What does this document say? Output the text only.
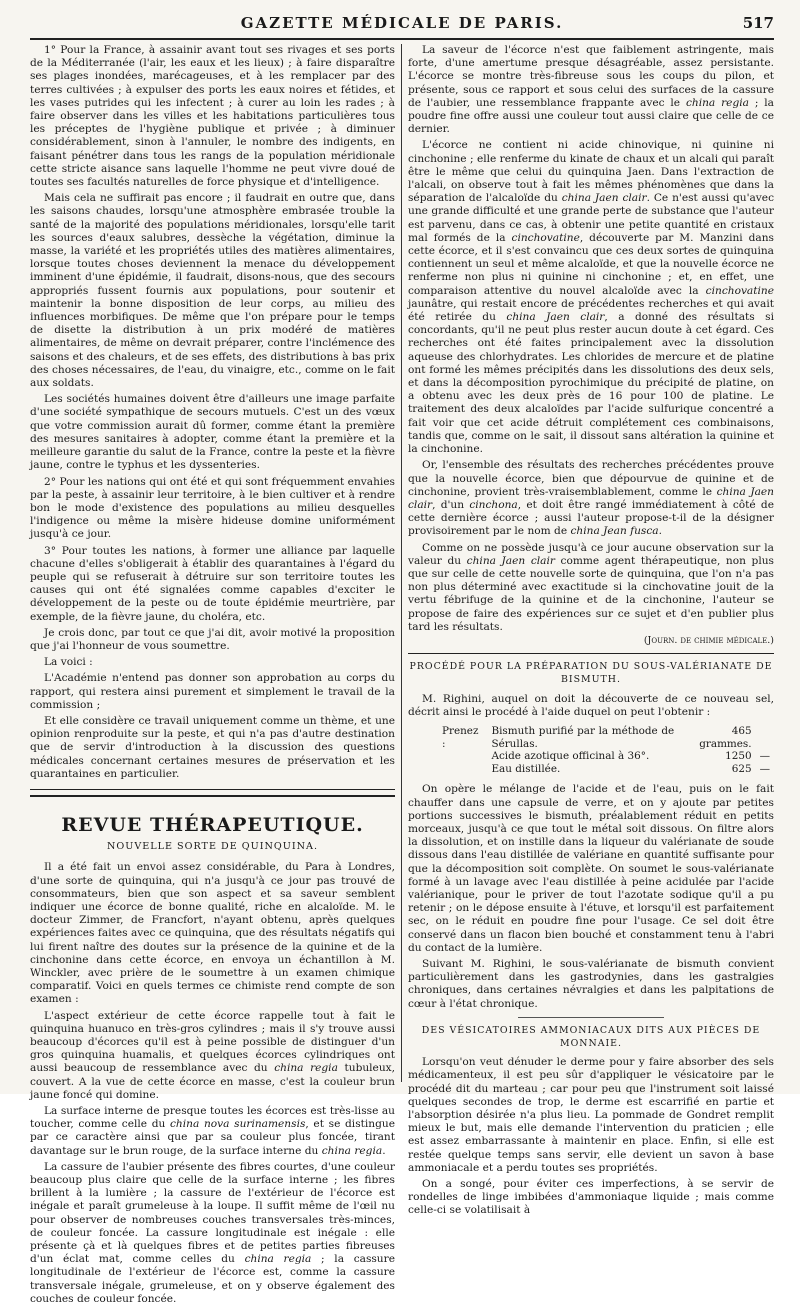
GAZETTE MÉDICALE DE PARIS.	517

1° Pour la France, à assainir avant tout ses rivages et ses ports de la Méditerranée (l'air, les eaux et les lieux) ; à faire disparaître ses plages inondées, marécageuses, et à les remplacer par des terres cultivées ; à expulser des ports les eaux noires et fétides, et les vases putrides qui les infectent ; à curer au loin les rades ; à faire observer dans les villes et les habitations particulières tous les préceptes de l'hygiène publique et privée ; à diminuer considérablement, sinon à l'annuler, le nombre des indigents, en faisant pénétrer dans tous les rangs de la population méridionale cette stricte aisance sans laquelle l'homme ne peut vivre doué de toutes ses facultés naturelles de force physique et d'intelligence.

Mais cela ne suffirait pas encore ; il faudrait en outre que, dans les saisons chaudes, lorsqu'une atmosphère embrasée trouble la santé de la majorité des populations méridionales, lorsqu'elle tarit les sources d'eaux salubres, dessèche la végétation, diminue la masse, la variété et les propriétés utiles des matières alimentaires, lorsque toutes choses deviennent la menace du développement imminent d'une épidémie, il faudrait, disons-nous, que des secours appropriés fussent fournis aux populations, pour soutenir et maintenir la bonne disposition de leur corps, au milieu des influences morbifiques. De même que l'on prépare pour le temps de disette la distribution à un prix modéré de matières alimentaires, de même on devrait préparer, contre l'inclémence des saisons et des chaleurs, et de ses effets, des distributions à bas prix des choses nécessaires, de l'eau, du vinaigre, etc., comme on le fait aux soldats.

Les sociétés humaines doivent être d'ailleurs une image parfaite d'une société sympathique de secours mutuels. C'est un des vœux que votre commission aurait dû former, comme étant la première des mesures sanitaires à adopter, comme étant la première et la meilleure garantie du salut de la France, contre la peste et la fièvre jaune, contre le typhus et les dyssenteries.

2° Pour les nations qui ont été et qui sont fréquemment envahies par la peste, à assainir leur territoire, à le bien cultiver et à rendre bon le mode d'existence des populations au milieu desquelles l'indigence ou même la misère hideuse domine uniformément jusqu'à ce jour.

3° Pour toutes les nations, à former une alliance par laquelle chacune d'elles s'obligerait à établir des quarantaines à l'égard du peuple qui se refuserait à détruire sur son territoire toutes les causes qui ont été signalées comme capables d'exciter le développement de la peste ou de toute épidémie meurtrière, par exemple, de la fièvre jaune, du choléra, etc.

Je crois donc, par tout ce que j'ai dit, avoir motivé la proposition que j'ai l'honneur de vous soumettre.

La voici :

L'Académie n'entend pas donner son approbation au corps du rapport, qui restera ainsi purement et simplement le travail de la commission ;

Et elle considère ce travail uniquement comme un thème, et une opinion renproduite sur la peste, et qui n'a pas d'autre destination que de servir d'introduction à la discussion des questions médicales concernant certaines mesures de préservation et les quarantaines en particulier.

REVUE THÉRAPEUTIQUE.
NOUVELLE SORTE DE QUINQUINA.

Il a été fait un envoi assez considérable, du Para à Londres, d'une sorte de quinquina, qui n'a jusqu'à ce jour pas trouvé de consommateurs, bien que son aspect et sa saveur semblent indiquer une écorce de bonne qualité, riche en alcaloïde. M. le docteur Zimmer, de Francfort, n'ayant obtenu, après quelques expériences faites avec ce quinquina, que des résultats négatifs qui lui firent naître des doutes sur la présence de la quinine et de la cinchonine dans cette écorce, en envoya un échantillon à M. Winckler, avec prière de le soumettre à un examen chimique comparatif. Voici en quels termes ce chimiste rend compte de son examen :

L'aspect extérieur de cette écorce rappelle tout à fait le quinquina huanuco en très-gros cylindres ; mais il s'y trouve aussi beaucoup d'écorces qu'il est à peine possible de distinguer d'un gros quinquina huamalis, et quelques écorces cylindriques ont aussi beaucoup de ressemblance avec du china regia tubuleux, couvert. A la vue de cette écorce en masse, c'est la couleur brun jaune foncé qui domine.

La surface interne de presque toutes les écorces est très-lisse au toucher, comme celle du china nova surinamensis, et se distingue par ce caractère ainsi que par sa couleur plus foncée, tirant davantage sur le brun rouge, de la surface interne du china regia.

La cassure de l'aubier présente des fibres courtes, d'une couleur beaucoup plus claire que celle de la surface interne ; les fibres brillent à la lumière ; la cassure de l'extérieur de l'écorce est inégale et paraît grumeleuse à la loupe. Il suffit même de l'œil nu pour observer de nombreuses couches transversales très-minces, de couleur foncée. La cassure longitudinale est inégale : elle présente çà et là quelques fibres et de petites parties fibreuses d'un éclat mat, comme celles du china regia ; la cassure longitudinale de l'extérieur de l'écorce est, comme la cassure transversale inégale, grumeleuse, et on y observe également des couches de couleur foncée.

La saveur de l'écorce n'est que faiblement astringente, mais forte, d'une amertume presque désagréable, assez persistante. L'écorce se montre très-fibreuse sous les coups du pilon, et présente, sous ce rapport et sous celui des surfaces de la cassure de l'aubier, une ressemblance frappante avec le china regia ; la poudre fine offre aussi une couleur tout aussi claire que celle de ce dernier.

L'écorce ne contient ni acide chinovique, ni quinine ni cinchonine ; elle renferme du kinate de chaux et un alcali qui paraît être le même que celui du quinquina Jaen. Dans l'extraction de l'alcali, on observe tout à fait les mêmes phénomènes que dans la séparation de l'alcaloïde du china Jaen clair. Ce n'est aussi qu'avec une grande difficulté et une grande perte de substance que l'auteur est parvenu, dans ce cas, à obtenir une petite quantité en cristaux mal formés de la cinchovatine, découverte par M. Manzini dans cette écorce, et il s'est convaincu que ces deux sortes de quinquina contiennent un seul et même alcaloïde, et que la nouvelle écorce ne renferme non plus ni quinine ni cinchonine ; et, en effet, une comparaison attentive du nouvel alcaloïde avec la cinchovatine jaunâtre, qui restait encore de précédentes recherches et qui avait été retirée du china Jaen clair, a donné des résultats si concordants, qu'il ne peut plus rester aucun doute à cet égard. Ces recherches ont été faites principalement avec la dissolution aqueuse des chlorhydrates. Les chlorides de mercure et de platine ont formé les mêmes précipités dans les dissolutions des deux sels, et dans la décomposition pyrochimique du précipité de platine, on a obtenu avec les deux près de 16 pour 100 de platine. Le traitement des deux alcaloïdes par l'acide sulfurique concentré a fait voir que cet acide détruit complétement ces combinaisons, tandis que, comme on le sait, il dissout sans altération la quinine et la cinchonine.

Or, l'ensemble des résultats des recherches précédentes prouve que la nouvelle écorce, bien que dépourvue de quinine et de cinchonine, provient très-vraisemblablement, comme le china Jaen clair, d'un cinchona, et doit être rangé immédiatement à côté de cette dernière écorce ; aussi l'auteur propose-t-il de la désigner provisoirement par le nom de china Jean fusca.

Comme on ne possède jusqu'à ce jour aucune observation sur la valeur du china Jaen clair comme agent thérapeutique, non plus que sur celle de cette nouvelle sorte de quinquina, que l'on n'a pas non plus déterminé avec exactitude si la cinchovatine jouit de la vertu fébrifuge de la quinine et de la cinchonine, l'auteur se propose de faire des expériences sur ce sujet et d'en publier plus tard les résultats.
(Journ. de chimie médicale.)

PROCÉDÉ POUR LA PRÉPARATION DU SOUS-VALÉRIANATE DE BISMUTH.

M. Righini, auquel on doit la découverte de ce nouveau sel, décrit ainsi le procédé à l'aide duquel on peut l'obtenir :

Prenez :	Bismuth purifié par la méthode de Sérullas.	465 grammes.	
	Acide azotique officinal à 36°.	1250	—
	Eau distillée.	625	—

On opère le mélange de l'acide et de l'eau, puis on le fait chauffer dans une capsule de verre, et on y ajoute par petites portions successives le bismuth, préalablement réduit en petits morceaux, jusqu'à ce que tout le métal soit dissous. On filtre alors la dissolution, et on instille dans la liqueur du valérianate de soude dissous dans l'eau distillée de valériane en quantité suffisante pour que la décomposition soit complète. On soumet le sous-valérianate formé à un lavage avec l'eau distillée à peine acidulée par l'acide valérianique, pour le priver de tout l'azotate sodique qu'il a pu retenir ; on le dépose ensuite à l'étuve, et lorsqu'il est parfaitement sec, on le réduit en poudre fine pour l'usage. Ce sel doit être conservé dans un flacon bien bouché et constamment tenu à l'abri du contact de la lumière.

Suivant M. Righini, le sous-valérianate de bismuth convient particulièrement dans les gastrodynies, dans les gastralgies chroniques, dans certaines névralgies et dans les palpitations de cœur à l'état chronique.

DES VÉSICATOIRES AMMONIACAUX DITS AUX PIÈCES DE MONNAIE.

Lorsqu'on veut dénuder le derme pour y faire absorber des sels médicamenteux, il est peu sûr d'appliquer le vésicatoire par le procédé dit du marteau ; car pour peu que l'instrument soit laissé quelques secondes de trop, le derme est escarrifié en partie et l'absorption désirée n'a plus lieu. La pommade de Gondret remplit mieux le but, mais elle demande l'intervention du praticien ; elle est assez embarrassante à maintenir en place. Enfin, si elle est restée quelque temps sans servir, elle devient un savon à base ammoniacale et a perdu toutes ses propriétés.

On a songé, pour éviter ces imperfections, à se servir de rondelles de linge imbibées d'ammoniaque liquide ; mais comme celle-ci se volatilisait à
